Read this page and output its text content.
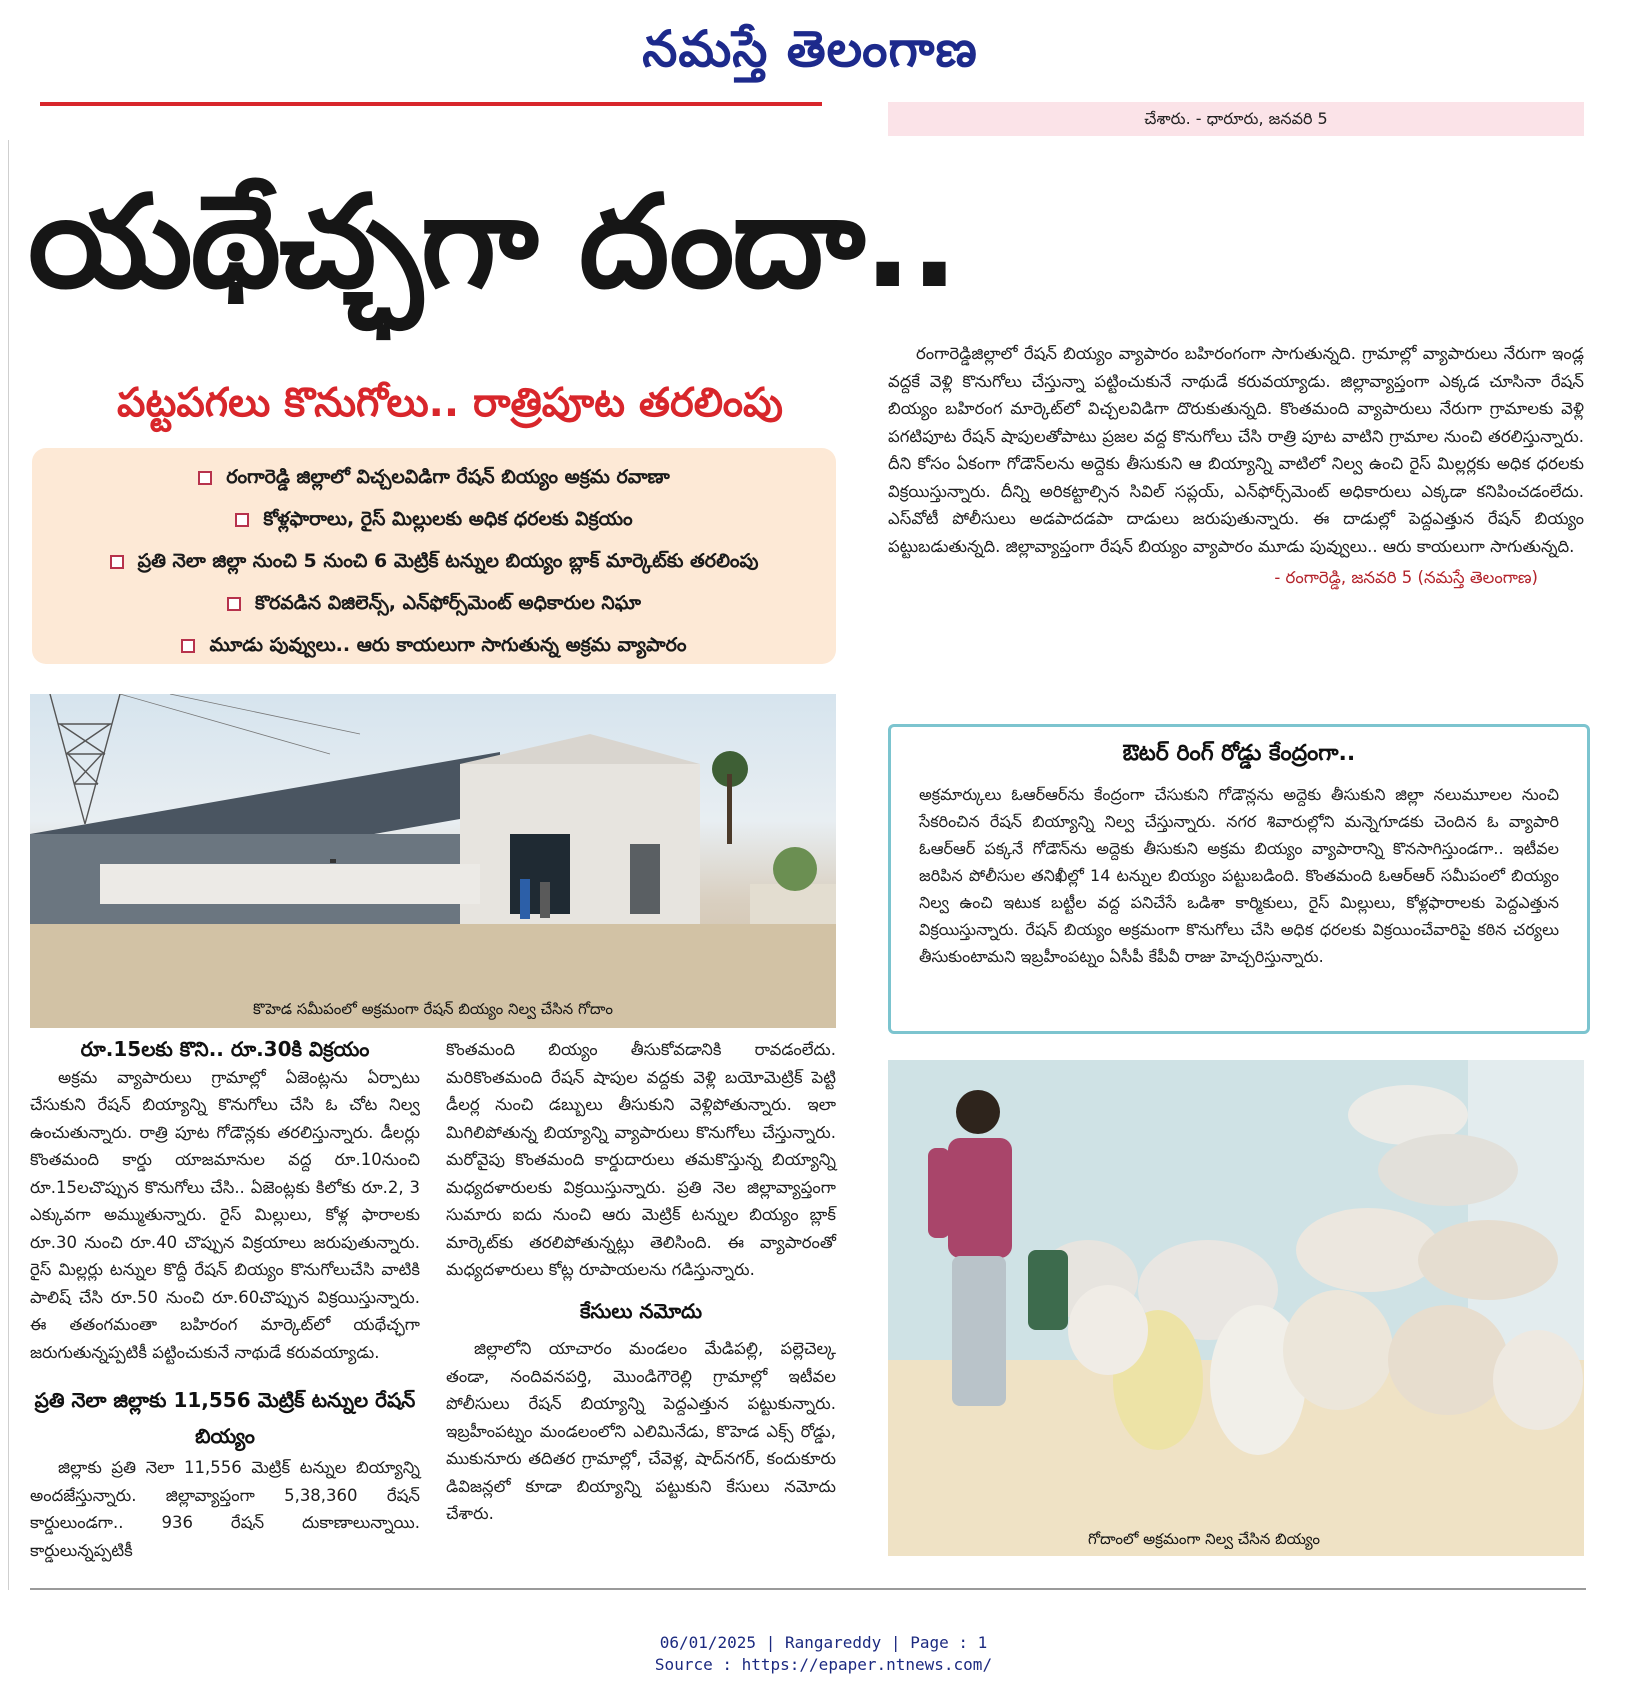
నమస్తే తెలంగాణ
చేశారు. - ధారూరు, జనవరి 5
యథేచ్ఛగా దందా..
పట్టపగలు కొనుగోలు.. రాత్రిపూట తరలింపు
రంగారెడ్డి జిల్లాలో విచ్చలవిడిగా రేషన్ బియ్యం అక్రమ రవాణా
కోళ్లఫారాలు, రైస్ మిల్లులకు అధిక ధరలకు విక్రయం
ప్రతి నెలా జిల్లా నుంచి 5 నుంచి 6 మెట్రిక్ టన్నుల బియ్యం బ్లాక్ మార్కెట్‌కు తరలింపు
కొరవడిన విజిలెన్స్, ఎన్‌ఫోర్స్‌మెంట్ అధికారుల నిఘా
మూడు పువ్వులు.. ఆరు కాయలుగా సాగుతున్న అక్రమ వ్యాపారం

రంగారెడ్డిజిల్లాలో రేషన్ బియ్యం వ్యాపారం బహిరంగంగా సాగుతున్నది. గ్రామాల్లో వ్యాపారులు నేరుగా ఇండ్ల వద్దకే వెళ్లి కొనుగోలు చేస్తున్నా పట్టించుకునే నాథుడే కరువయ్యాడు. జిల్లావ్యాప్తంగా ఎక్కడ చూసినా రేషన్ బియ్యం బహిరంగ మార్కెట్‌లో విచ్చలవిడిగా దొరుకుతున్నది. కొంతమంది వ్యాపారులు నేరుగా గ్రామాలకు వెళ్లి పగటిపూట రేషన్ షాపులతోపాటు ప్రజల వద్ద కొనుగోలు చేసి రాత్రి పూట వాటిని గ్రామాల నుంచి తరలిస్తున్నారు. దీని కోసం ఏకంగా గోడౌన్‌లను అద్దెకు తీసుకుని ఆ బియ్యాన్ని వాటిలో నిల్వ ఉంచి రైస్ మిల్లర్లకు అధిక ధరలకు విక్రయిస్తున్నారు. దీన్ని అరికట్టాల్సిన సివిల్ సప్లయ్, ఎన్‌ఫోర్స్‌మెంట్ అధికారులు ఎక్కడా కనిపించడంలేదు. ఎస్‌వోటీ పోలీసులు అడపాదడపా దాడులు జరుపుతున్నారు. ఈ దాడుల్లో పెద్దఎత్తున రేషన్ బియ్యం పట్టుబడుతున్నది. జిల్లావ్యాప్తంగా రేషన్ బియ్యం వ్యాపారం మూడు పువ్వులు.. ఆరు కాయలుగా సాగుతున్నది.

- రంగారెడ్డి, జనవరి 5 (నమస్తే తెలంగాణ)
కొహెడ సమీపంలో అక్రమంగా రేషన్ బియ్యం నిల్వ చేసిన గోదాం
ఔటర్ రింగ్ రోడ్డు కేంద్రంగా..
అక్రమార్కులు ఓఆర్‌ఆర్‌ను కేంద్రంగా చేసుకుని గోడౌన్లను అద్దెకు తీసుకుని జిల్లా నలుమూలల నుంచి సేకరించిన రేషన్ బియ్యాన్ని నిల్వ చేస్తున్నారు. నగర శివారుల్లోని మన్నెగూడకు చెందిన ఓ వ్యాపారి ఓఆర్‌ఆర్ పక్కనే గోడౌన్‌ను అద్దెకు తీసుకుని అక్రమ బియ్యం వ్యాపారాన్ని కొనసాగిస్తుండగా.. ఇటీవల జరిపిన పోలీసుల తనిఖీల్లో 14 టన్నుల బియ్యం పట్టుబడింది. కొంతమంది ఓఆర్‌ఆర్ సమీపంలో బియ్యం నిల్వ ఉంచి ఇటుక బట్టీల వద్ద పనిచేసే ఒడిశా కార్మికులు, రైస్ మిల్లులు, కోళ్లఫారాలకు పెద్దఎత్తున విక్రయిస్తున్నారు. రేషన్ బియ్యం అక్రమంగా కొనుగోలు చేసి అధిక ధరలకు విక్రయించేవారిపై కఠిన చర్యలు తీసుకుంటామని ఇబ్రహీంపట్నం ఏసీపీ కేపీవీ రాజు హెచ్చరిస్తున్నారు.
రూ.15లకు కొని.. రూ.30కి విక్రయం

అక్రమ వ్యాపారులు గ్రామాల్లో ఏజెంట్లను ఏర్పాటు చేసుకుని రేషన్ బియ్యాన్ని కొనుగోలు చేసి ఓ చోట నిల్వ ఉంచుతున్నారు. రాత్రి పూట గోడౌన్లకు తరలిస్తున్నారు. డీలర్లు కొంతమంది కార్డు యాజమానుల వద్ద రూ.10నుంచి రూ.15లచొప్పున కొనుగోలు చేసి.. ఏజెంట్లకు కిలోకు రూ.2, 3 ఎక్కువగా అమ్ముతున్నారు. రైస్ మిల్లులు, కోళ్ల ఫారాలకు రూ.30 నుంచి రూ.40 చొప్పున విక్రయాలు జరుపుతున్నారు. రైస్ మిల్లర్లు టన్నుల కొద్దీ రేషన్ బియ్యం కొనుగోలుచేసి వాటికి పాలిష్ చేసి రూ.50 నుంచి రూ.60చొప్పున విక్రయిస్తున్నారు. ఈ తతంగమంతా బహిరంగ మార్కెట్‌లో యథేచ్ఛగా జరుగుతున్నప్పటికీ పట్టించుకునే నాథుడే కరువయ్యాడు.

ప్రతి నెలా జిల్లాకు 11,556 మెట్రిక్ టన్నుల రేషన్ బియ్యం

జిల్లాకు ప్రతి నెలా 11,556 మెట్రిక్ టన్నుల బియ్యాన్ని అందజేస్తున్నారు. జిల్లావ్యాప్తంగా 5,38,360 రేషన్ కార్డులుండగా.. 936 రేషన్ దుకాణాలున్నాయి. కార్డులున్నప్పటికీ

కొంతమంది బియ్యం తీసుకోవడానికి రావడంలేదు. మరికొంతమంది రేషన్ షాపుల వద్దకు వెళ్లి బయోమెట్రిక్ పెట్టి డీలర్ల నుంచి డబ్బులు తీసుకుని వెళ్లిపోతున్నారు. ఇలా మిగిలిపోతున్న బియ్యాన్ని వ్యాపారులు కొనుగోలు చేస్తున్నారు. మరోవైపు కొంతమంది కార్డుదారులు తమకొస్తున్న బియ్యాన్ని మధ్యదళారులకు విక్రయిస్తున్నారు. ప్రతి నెల జిల్లావ్యాప్తంగా సుమారు ఐదు నుంచి ఆరు మెట్రిక్ టన్నుల బియ్యం బ్లాక్ మార్కెట్‌కు తరలిపోతున్నట్లు తెలిసింది. ఈ వ్యాపారంతో మధ్యదళారులు కోట్ల రూపాయలను గడిస్తున్నారు.

కేసులు నమోదు

జిల్లాలోని యాచారం మండలం మేడిపల్లి, పల్లెచెల్క తండా, నందివనపర్తి, మొండిగౌరెల్లి గ్రామాల్లో ఇటీవల పోలీసులు రేషన్ బియ్యాన్ని పెద్దఎత్తున పట్టుకున్నారు. ఇబ్రహీంపట్నం మండలంలోని ఎలిమినేడు, కొహెడ ఎక్స్ రోడ్డు, ముకునూరు తదితర గ్రామాల్లో, చేవెళ్ల, షాద్‌నగర్, కందుకూరు డివిజన్లలో కూడా బియ్యాన్ని పట్టుకుని కేసులు నమోదు చేశారు.

గోదాంలో అక్రమంగా నిల్వ చేసిన బియ్యం
06/01/2025 | Rangareddy | Page : 1
Source : https://epaper.ntnews.com/
